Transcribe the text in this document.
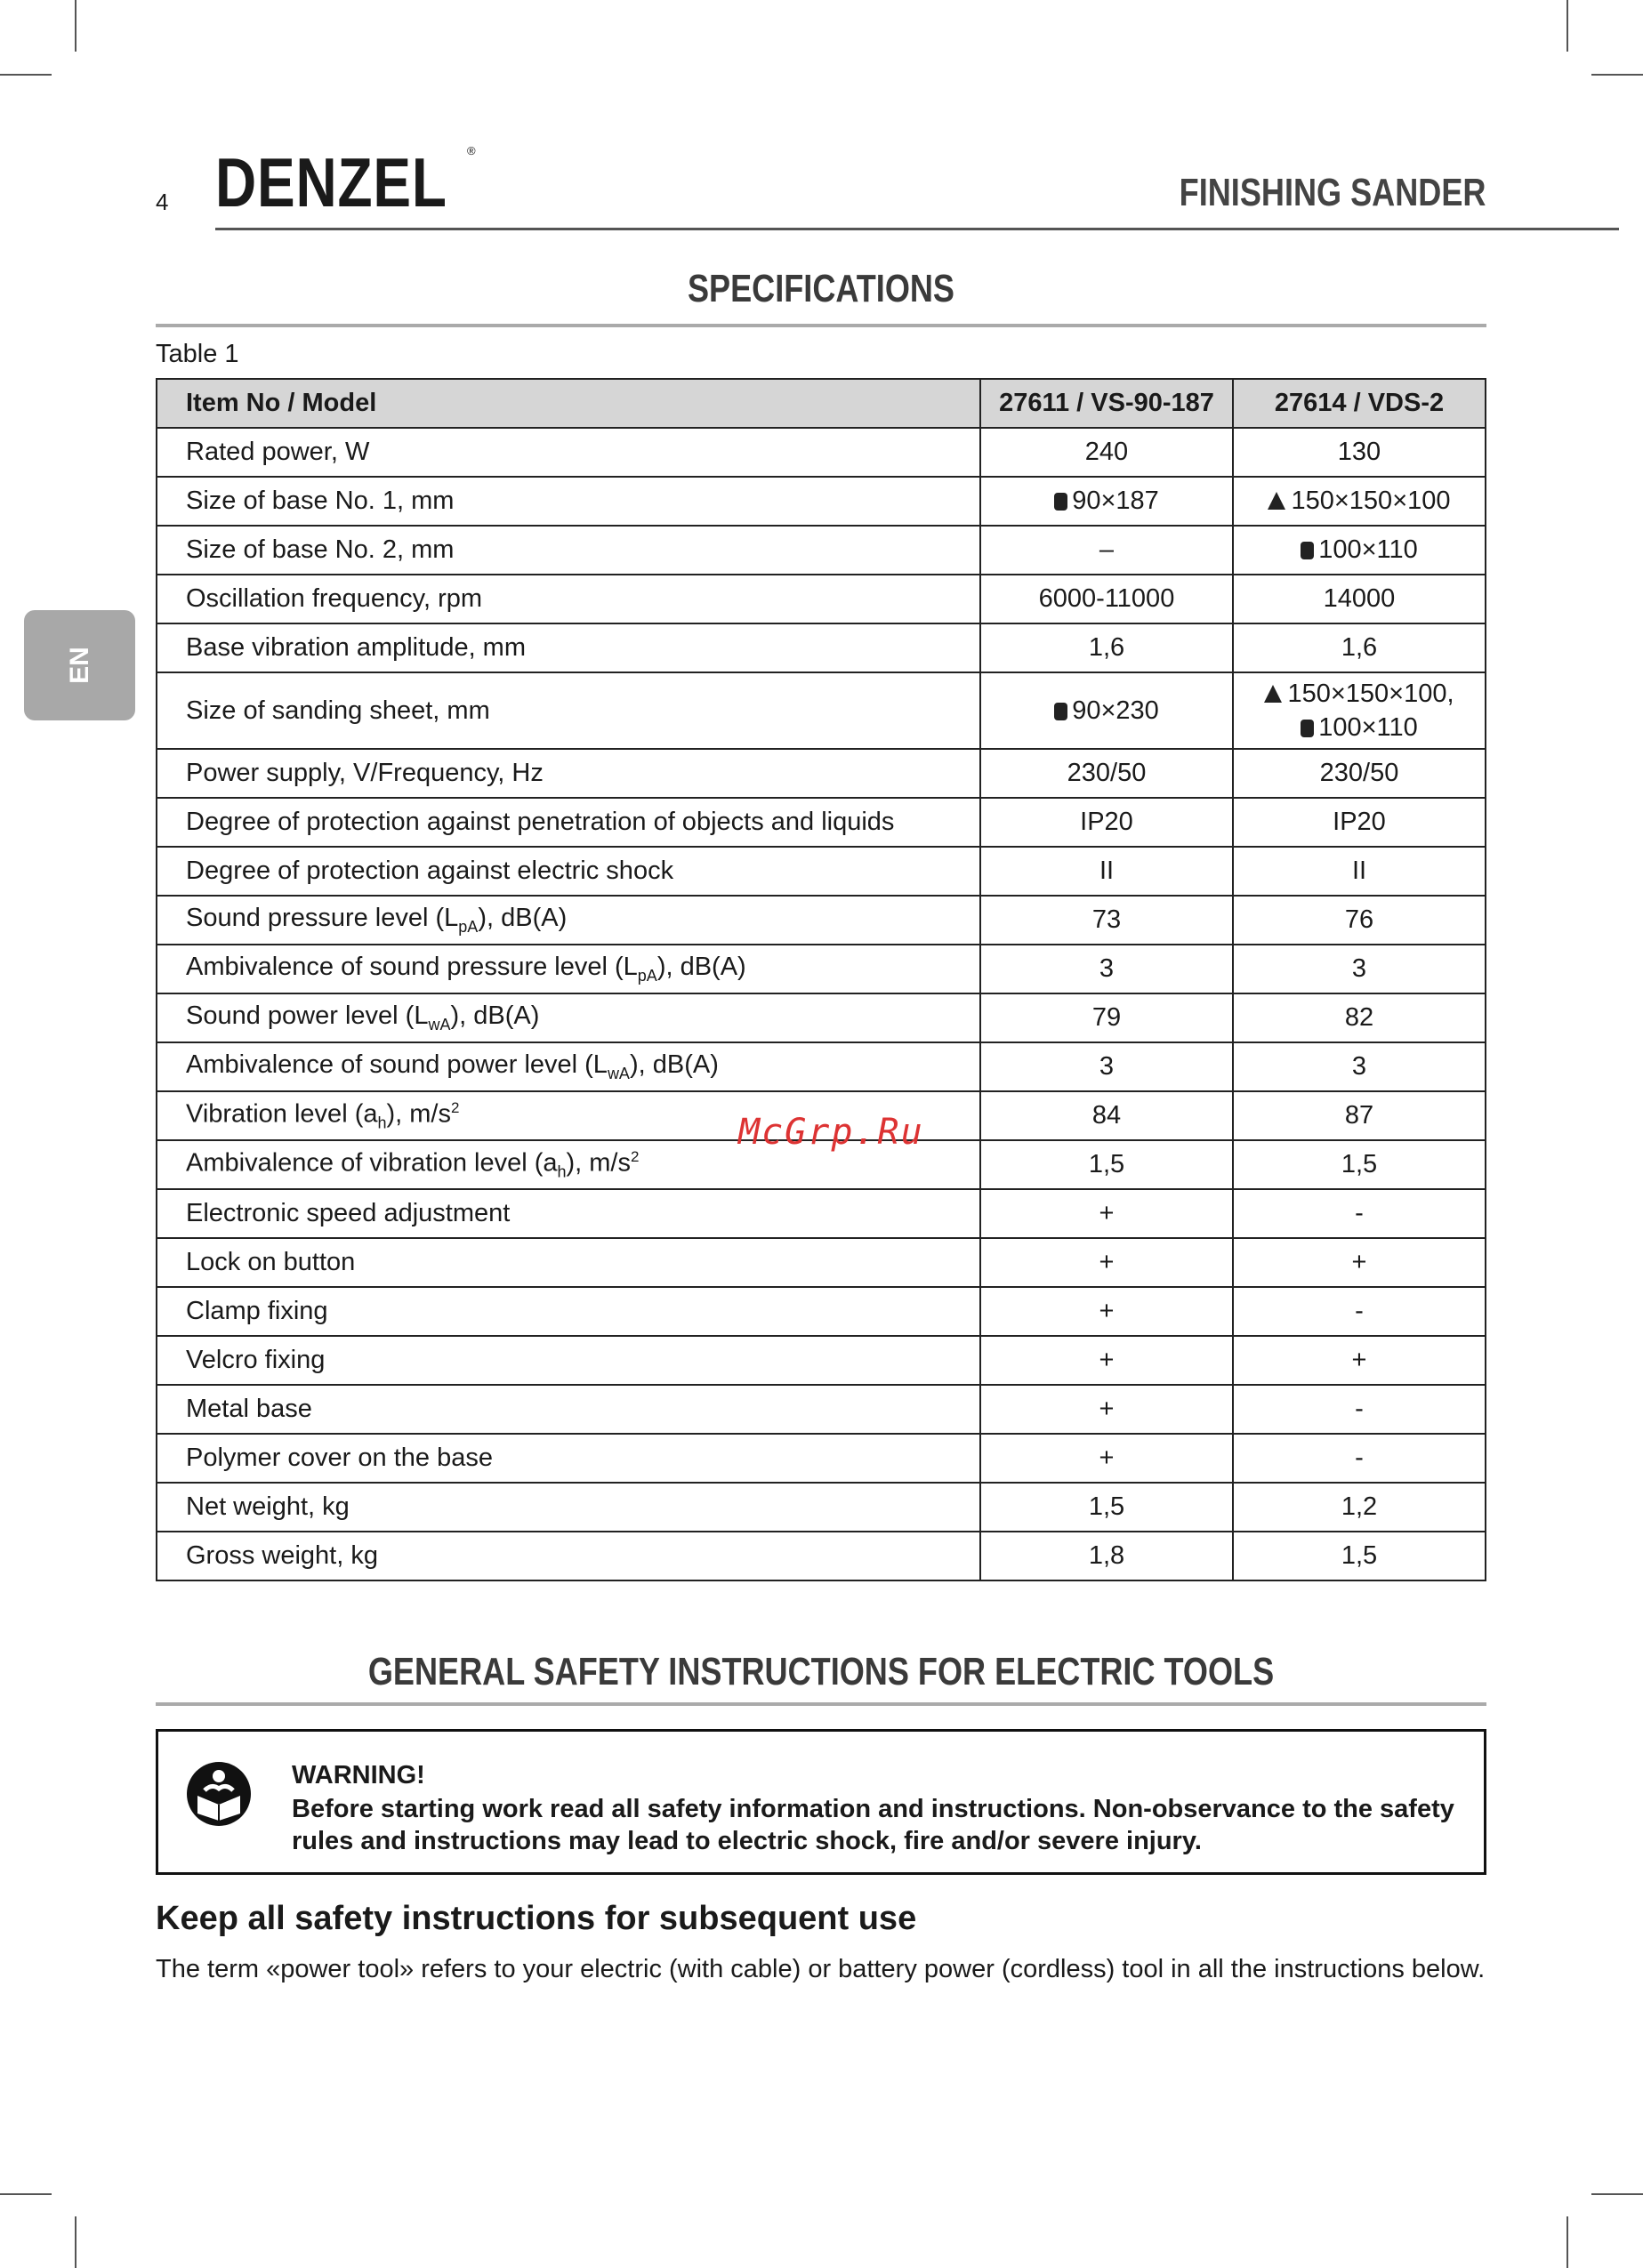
4 DENZEL ®
FINISHING SANDER
EN
SPECIFICATIONS
Table 1
Item No / Model	27611 / VS-90-187	27614 / VDS-2
Rated power, W	240	130
Size of base No. 1, mm	90×187	150×150×100
Size of base No. 2, mm	–	100×110
Oscillation frequency, rpm	6000-11000	14000
Base vibration amplitude, mm	1,6	1,6
Size of sanding sheet, mm	90×230	150×150×100,
100×110
Power supply, V/Frequency, Hz	230/50	230/50
Degree of protection against penetration of objects and liquids	IP20	IP20
Degree of protection against electric shock	II	II
Sound pressure level $(L_{pA})$, dB(A)	73	76
Ambivalence of sound pressure level $(L_{pA})$, dB(A)	3	3
Sound power level $(L_{wA})$, dB(A)	79	82
Ambivalence of sound power level $(L_{wA})$, dB(A)	3	3
Vibration level $(a_h)$, $m/s^2$	84	87
Ambivalence of vibration level $(a_h)$, $m/s^2$	1,5	1,5
Electronic speed adjustment	+	-
Lock on button	+	+
Clamp fixing	+	-
Velcro fixing	+	+
Metal base	+	-
Polymer cover on the base	+	-
Net weight, kg	1,5	1,2
Gross weight, kg	1,8	1,5
McGrp.Ru
GENERAL SAFETY INSTRUCTIONS FOR ELECTRIC TOOLS
WARNING!
Before starting work read all safety information and instructions. Non-observance to the safety rules and instructions may lead to electric shock, fire and/or severe injury.
Keep all safety instructions for subsequent use
The term «power tool» refers to your electric (with cable) or battery power (cordless) tool in all the instructions below.
